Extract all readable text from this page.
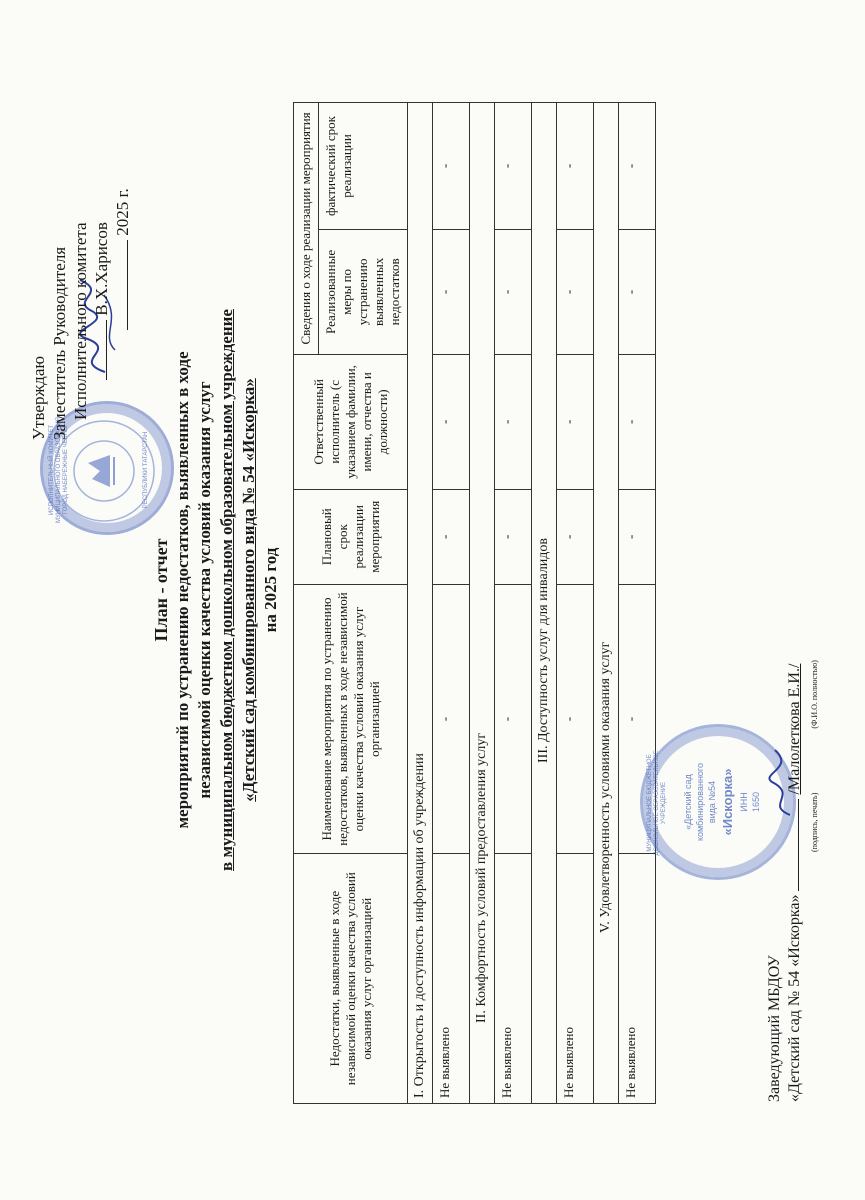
ИСПОЛНИТЕЛЬНЫЙ КОМИТЕТ МУНИЦИПАЛЬНОГО ОБРАЗОВАНИЯ ГОРОД НАБЕРЕЖНЫЕ ЧЕЛНЫ	РЕСПУБЛИКИ ТАТАРСТАН
Утверждаю Заместитель Руководителя Исполнительного комитета В.Х.Харисов
2025 г.
План - отчет мероприятий по устранению недостатков, выявленных в ходе независимой оценки качества условий оказания услуг в муниципальном бюджетном дошкольном образовательном учреждение «Детский сад комбинированного вида № 54 «Искорка» на 2025 год
Недостатки, выявленные в ходе независимой оценки качества условий оказания услуг организацией	Наименование мероприятия по устранению недостатков, выявленных в ходе независимой оценки качества условий оказания услуг организацией	Плановый срок реализации мероприятия	Ответственный исполнитель (с указанием фамилии, имени, отчества и должности)	Сведения о ходе реализации мероприятия	
				Реализованные меры по устранению выявленных недостатков	фактический срок реализации
I. Открытость и доступность информации об учреждении					
Не выявлено	-	-	-	-	-
II. Комфортность условий предоставления услуг					
Не выявлено	-	-	-	-	-
III. Доступность услуг для инвалидов					
Не выявлено	-	-	-	-	-
V. Удовлетворенность условиями оказания услуг					
Не выявлено	-	-	-	-	-
МУНИЦИПАЛЬНОЕ БЮДЖЕТНОЕ ДОШКОЛЬНОЕ ОБРАЗОВАТЕЛЬНОЕ УЧРЕЖДЕНИЕ «Детский сад комбинированного вида №54 «Искорка» ИНН 1650
Заведующий МБДОУ «Детский сад № 54 «Искорка»  /Малолеткова Е.И./
(подпись, печать)  (Ф.И.О. полностью)
